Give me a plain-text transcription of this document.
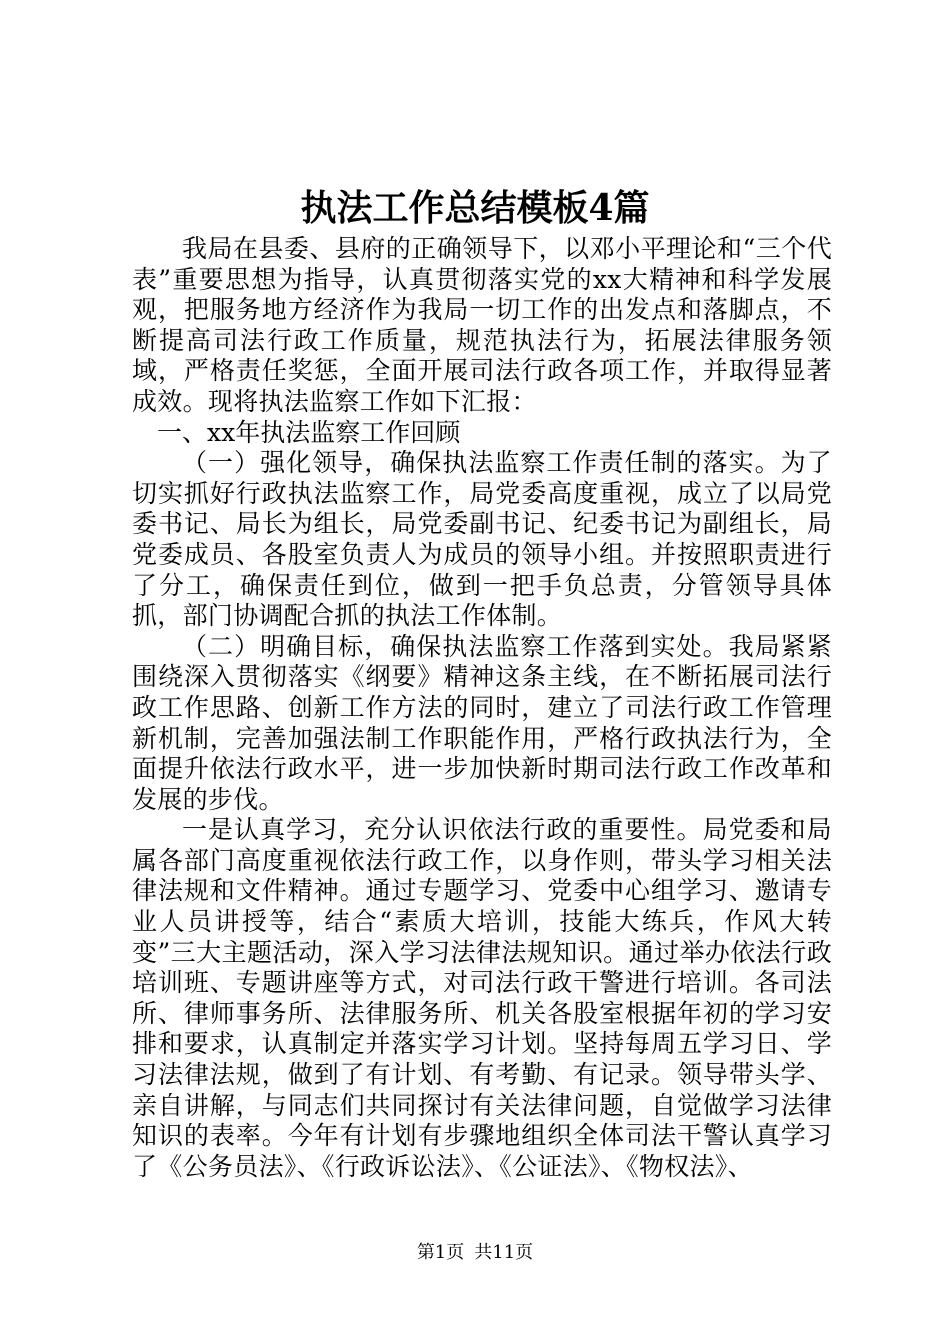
执法工作总结模板4篇

我局在县委、县府的正确领导下，以邓小平理论和“三个代表”重要思想为指导，认真贯彻落实党的xx大精神和科学发展观，把服务地方经济作为我局一切工作的出发点和落脚点，不断提高司法行政工作质量，规范执法行为，拓展法律服务领域，严格责任奖惩，全面开展司法行政各项工作，并取得显著成效。现将执法监察工作如下汇报：

一、xx年执法监察工作回顾

（一）强化领导，确保执法监察工作责任制的落实。为了切实抓好行政执法监察工作，局党委高度重视，成立了以局党委书记、局长为组长，局党委副书记、纪委书记为副组长，局党委成员、各股室负责人为成员的领导小组。并按照职责进行了分工，确保责任到位，做到一把手负总责，分管领导具体抓，部门协调配合抓的执法工作体制。

（二）明确目标，确保执法监察工作落到实处。我局紧紧围绕深入贯彻落实《纲要》精神这条主线，在不断拓展司法行政工作思路、创新工作方法的同时，建立了司法行政工作管理新机制，完善加强法制工作职能作用，严格行政执法行为，全面提升依法行政水平，进一步加快新时期司法行政工作改革和发展的步伐。

一是认真学习，充分认识依法行政的重要性。局党委和局属各部门高度重视依法行政工作，以身作则，带头学习相关法律法规和文件精神。通过专题学习、党委中心组学习、邀请专业人员讲授等，结合“素质大培训，技能大练兵，作风大转变”三大主题活动，深入学习法律法规知识。通过举办依法行政培训班、专题讲座等方式，对司法行政干警进行培训。各司法所、律师事务所、法律服务所、机关各股室根据年初的学习安排和要求，认真制定并落实学习计划。坚持每周五学习日、学习法律法规，做到了有计划、有考勤、有记录。领导带头学、亲自讲解，与同志们共同探讨有关法律问题，自觉做学习法律知识的表率。今年有计划有步骤地组织全体司法干警认真学习了《公务员法》、《行政诉讼法》、《公证法》、《物权法》、

第1页 共11页
